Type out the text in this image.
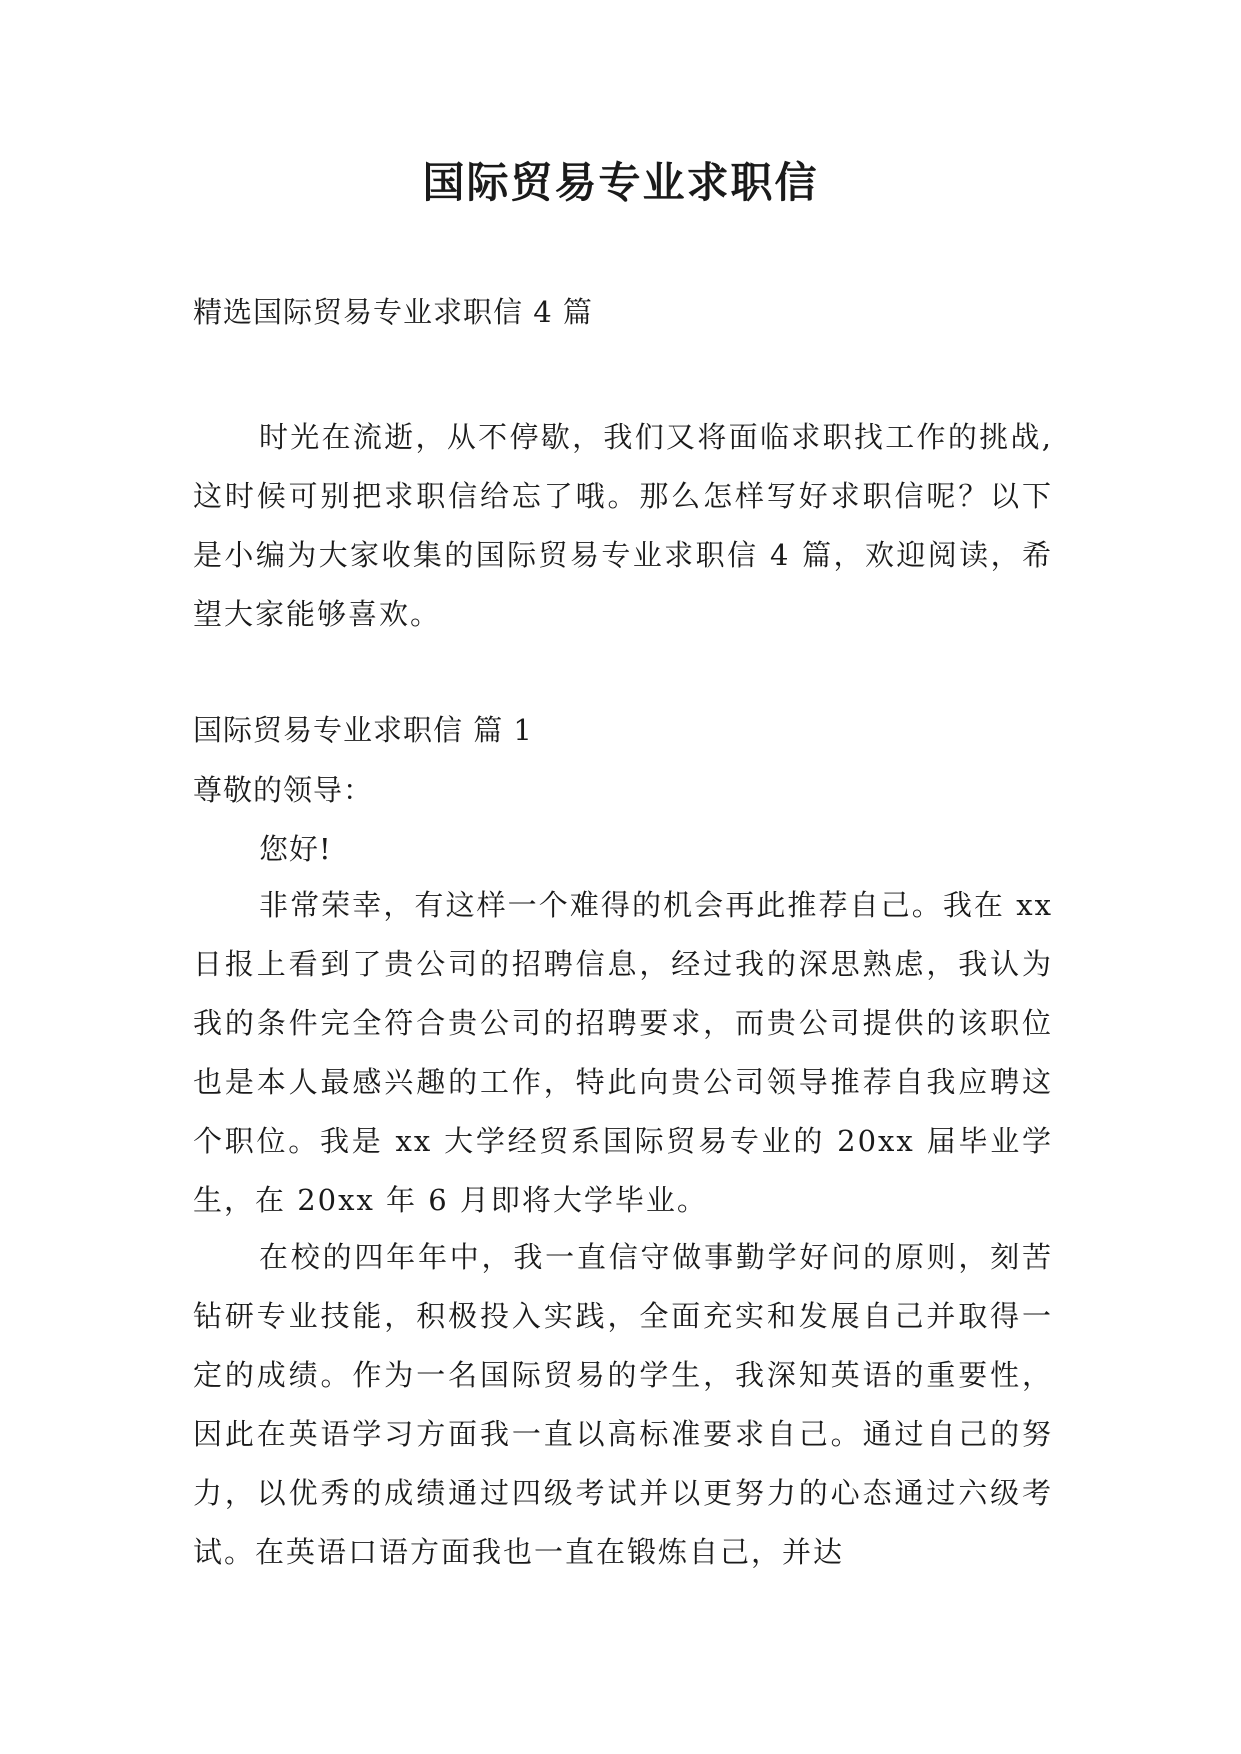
国际贸易专业求职信
精选国际贸易专业求职信 4 篇

时光在流逝，从不停歇，我们又将面临求职找工作的挑战,这时候可别把求职信给忘了哦。那么怎样写好求职信呢？以下是小编为大家收集的国际贸易专业求职信 4 篇，欢迎阅读，希望大家能够喜欢。

国际贸易专业求职信 篇 1
尊敬的领导：
您好!

非常荣幸，有这样一个难得的机会再此推荐自己。我在 xx 日报上看到了贵公司的招聘信息，经过我的深思熟虑，我认为我的条件完全符合贵公司的招聘要求，而贵公司提供的该职位也是本人最感兴趣的工作，特此向贵公司领导推荐自我应聘这个职位。我是 xx 大学经贸系国际贸易专业的 20xx 届毕业学生，在 20xx 年 6 月即将大学毕业。

在校的四年年中，我一直信守做事勤学好问的原则，刻苦钻研专业技能，积极投入实践，全面充实和发展自己并取得一定的成绩。作为一名国际贸易的学生，我深知英语的重要性，因此在英语学习方面我一直以高标准要求自己。通过自己的努力，以优秀的成绩通过四级考试并以更努力的心态通过六级考试。在英语口语方面我也一直在锻炼自己，并达
